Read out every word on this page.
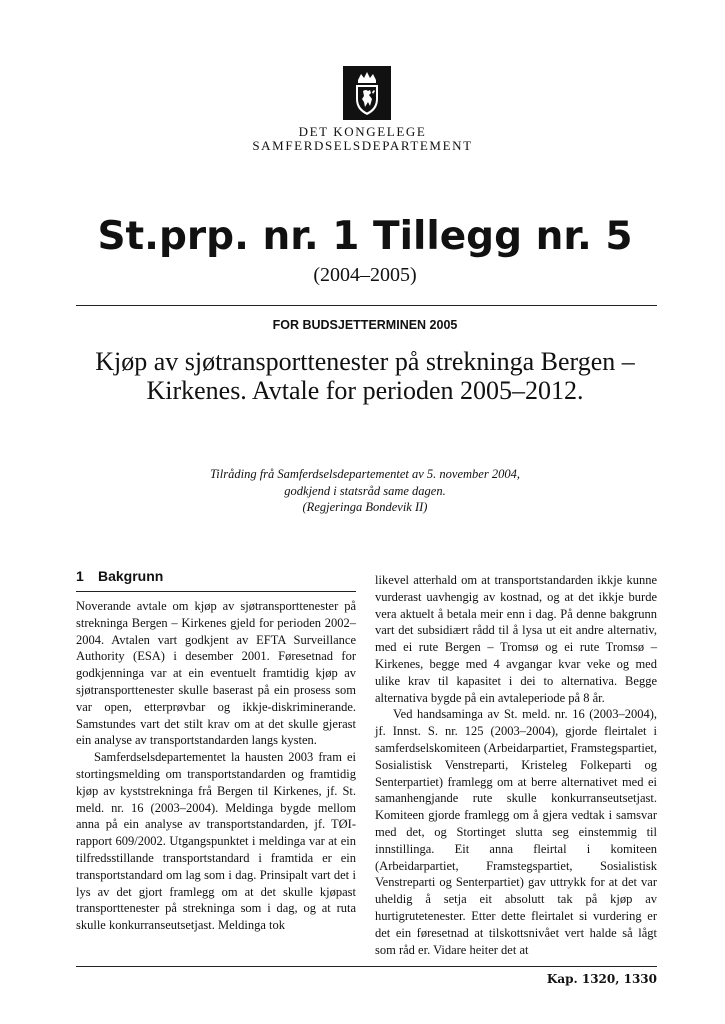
DET KONGELEGE
SAMFERDSELSDEPARTEMENT
St.prp. nr. 1 Tillegg nr. 5
(2004–2005)
FOR BUDSJETTERMINEN 2005
Kjøp av sjøtransporttenester på strekninga Bergen – Kirkenes. Avtale for perioden 2005–2012.
Tilråding frå Samferdselsdepartementet av 5. november 2004,
godkjend i statsråd same dagen.
(Regjeringa Bondevik II)
1 Bakgrunn

Noverande avtale om kjøp av sjøtransporttenester på strekninga Bergen – Kirkenes gjeld for perioden 2002–2004. Avtalen vart godkjent av EFTA Surveillance Authority (ESA) i desember 2001. Føresetnad for godkjenninga var at ein eventuelt framtidig kjøp av sjøtransporttenester skulle baserast på ein prosess som var open, etterprøvbar og ikkje-diskriminerande. Samstundes vart det stilt krav om at det skulle gjerast ein analyse av transportstandarden langs kysten.

Samferdselsdepartementet la hausten 2003 fram ei stortingsmelding om transportstandarden og framtidig kjøp av kyststrekninga frå Bergen til Kirkenes, jf. St. meld. nr. 16 (2003–2004). Meldinga bygde mellom anna på ein analyse av transportstandarden, jf. TØI-rapport 609/2002. Utgangspunktet i meldinga var at ein tilfredsstillande transportstandard i framtida er ein transportstandard om lag som i dag. Prinsipalt vart det i lys av det gjort framlegg om at det skulle kjøpast transporttenester på strekninga som i dag, og at ruta skulle konkurranseutsetjast. Meldinga tok

likevel atterhald om at transportstandarden ikkje kunne vurderast uavhengig av kostnad, og at det ikkje burde vera aktuelt å betala meir enn i dag. På denne bakgrunn vart det subsidiært rådd til å lysa ut eit andre alternativ, med ei rute Bergen – Tromsø og ei rute Tromsø – Kirkenes, begge med 4 avgangar kvar veke og med ulike krav til kapasitet i dei to alternativa. Begge alternativa bygde på ein avtaleperiode på 8 år.

Ved handsaminga av St. meld. nr. 16 (2003–2004), jf. Innst. S. nr. 125 (2003–2004), gjorde fleirtalet i samferdselskomiteen (Arbeidarpartiet, Framstegspartiet, Sosialistisk Venstreparti, Kristeleg Folkeparti og Senterpartiet) framlegg om at berre alternativet med ei samanhengjande rute skulle konkurranseutsetjast. Komiteen gjorde framlegg om å gjera vedtak i samsvar med det, og Stortinget slutta seg einstemmig til innstillinga. Eit anna fleirtal i komiteen (Arbeidarpartiet, Framstegspartiet, Sosialistisk Venstreparti og Senterpartiet) gav uttrykk for at det var uheldig å setja eit absolutt tak på kjøp av hurtigrutetenester. Etter dette fleirtalet si vurdering er det ein føresetnad at tilskottsnivået vert halde så lågt som råd er. Vidare heiter det at

Kap. 1320, 1330
